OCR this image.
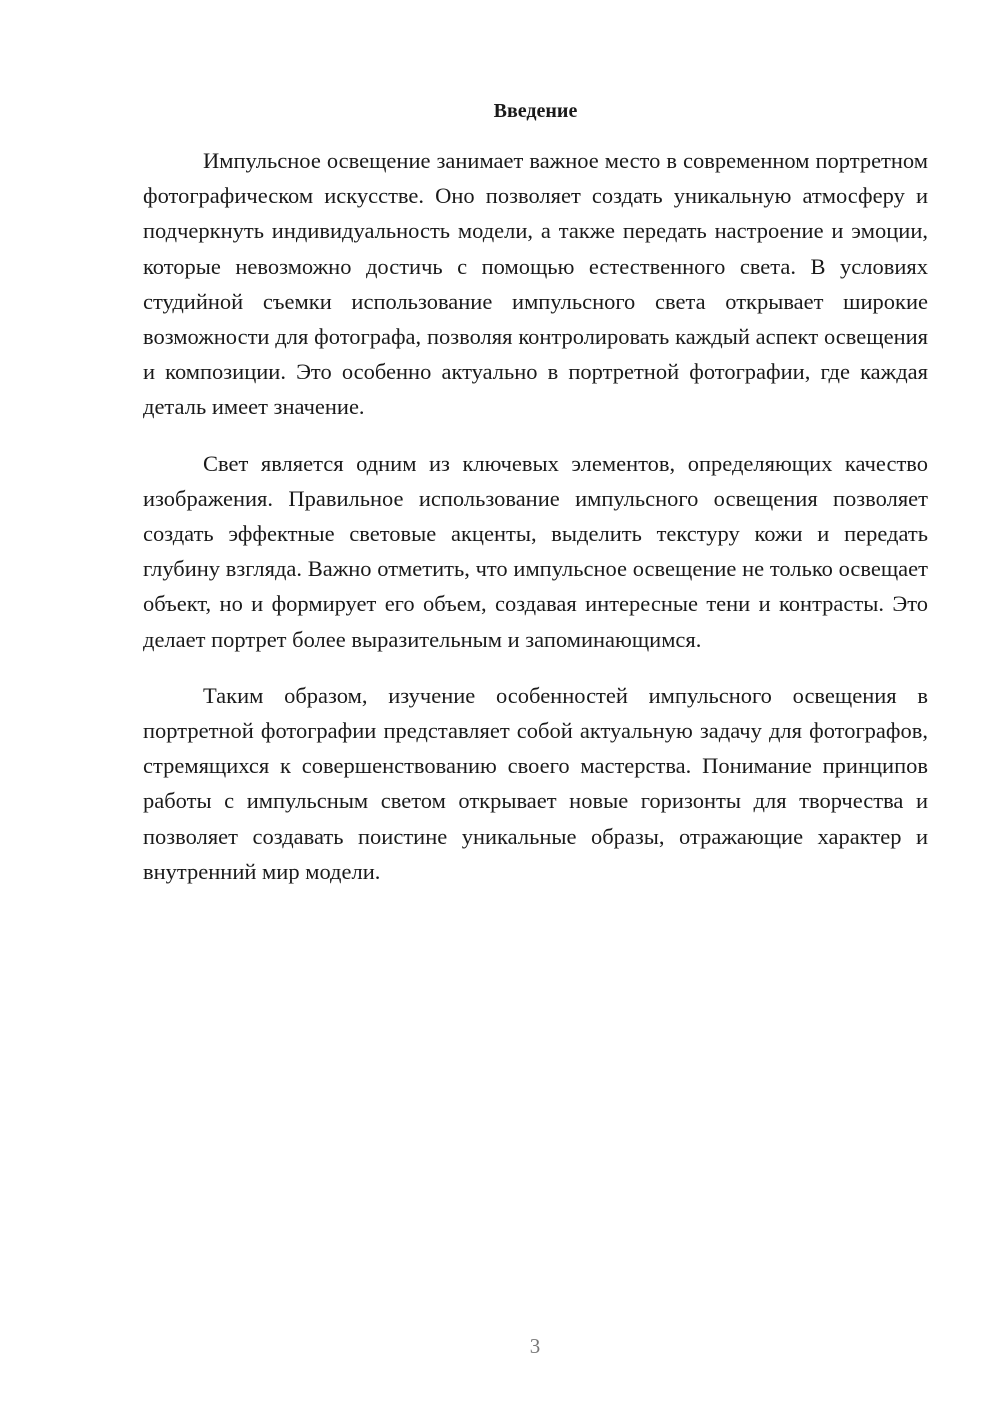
Введение

Импульсное освещение занимает важное место в современном портретном фотографическом искусстве. Оно позволяет создать уникальную атмосферу и подчеркнуть индивидуальность модели, а также передать настроение и эмоции, которые невозможно достичь с помощью естественного света. В условиях студийной съемки использование импульсного света открывает широкие возможности для фотографа, позволяя контролировать каждый аспект освещения и композиции. Это особенно актуально в портретной фотографии, где каждая деталь имеет значение.

Свет является одним из ключевых элементов, определяющих качество изображения. Правильное использование импульсного освещения позволяет создать эффектные световые акценты, выделить текстуру кожи и передать глубину взгляда. Важно отметить, что импульсное освещение не только освещает объект, но и формирует его объем, создавая интересные тени и контрасты. Это делает портрет более выразительным и запоминающимся.

Таким образом, изучение особенностей импульсного освещения в портретной фотографии представляет собой актуальную задачу для фотографов, стремящихся к совершенствованию своего мастерства. Понимание принципов работы с импульсным светом открывает новые горизонты для творчества и позволяет создавать поистине уникальные образы, отражающие характер и внутренний мир модели.

3
